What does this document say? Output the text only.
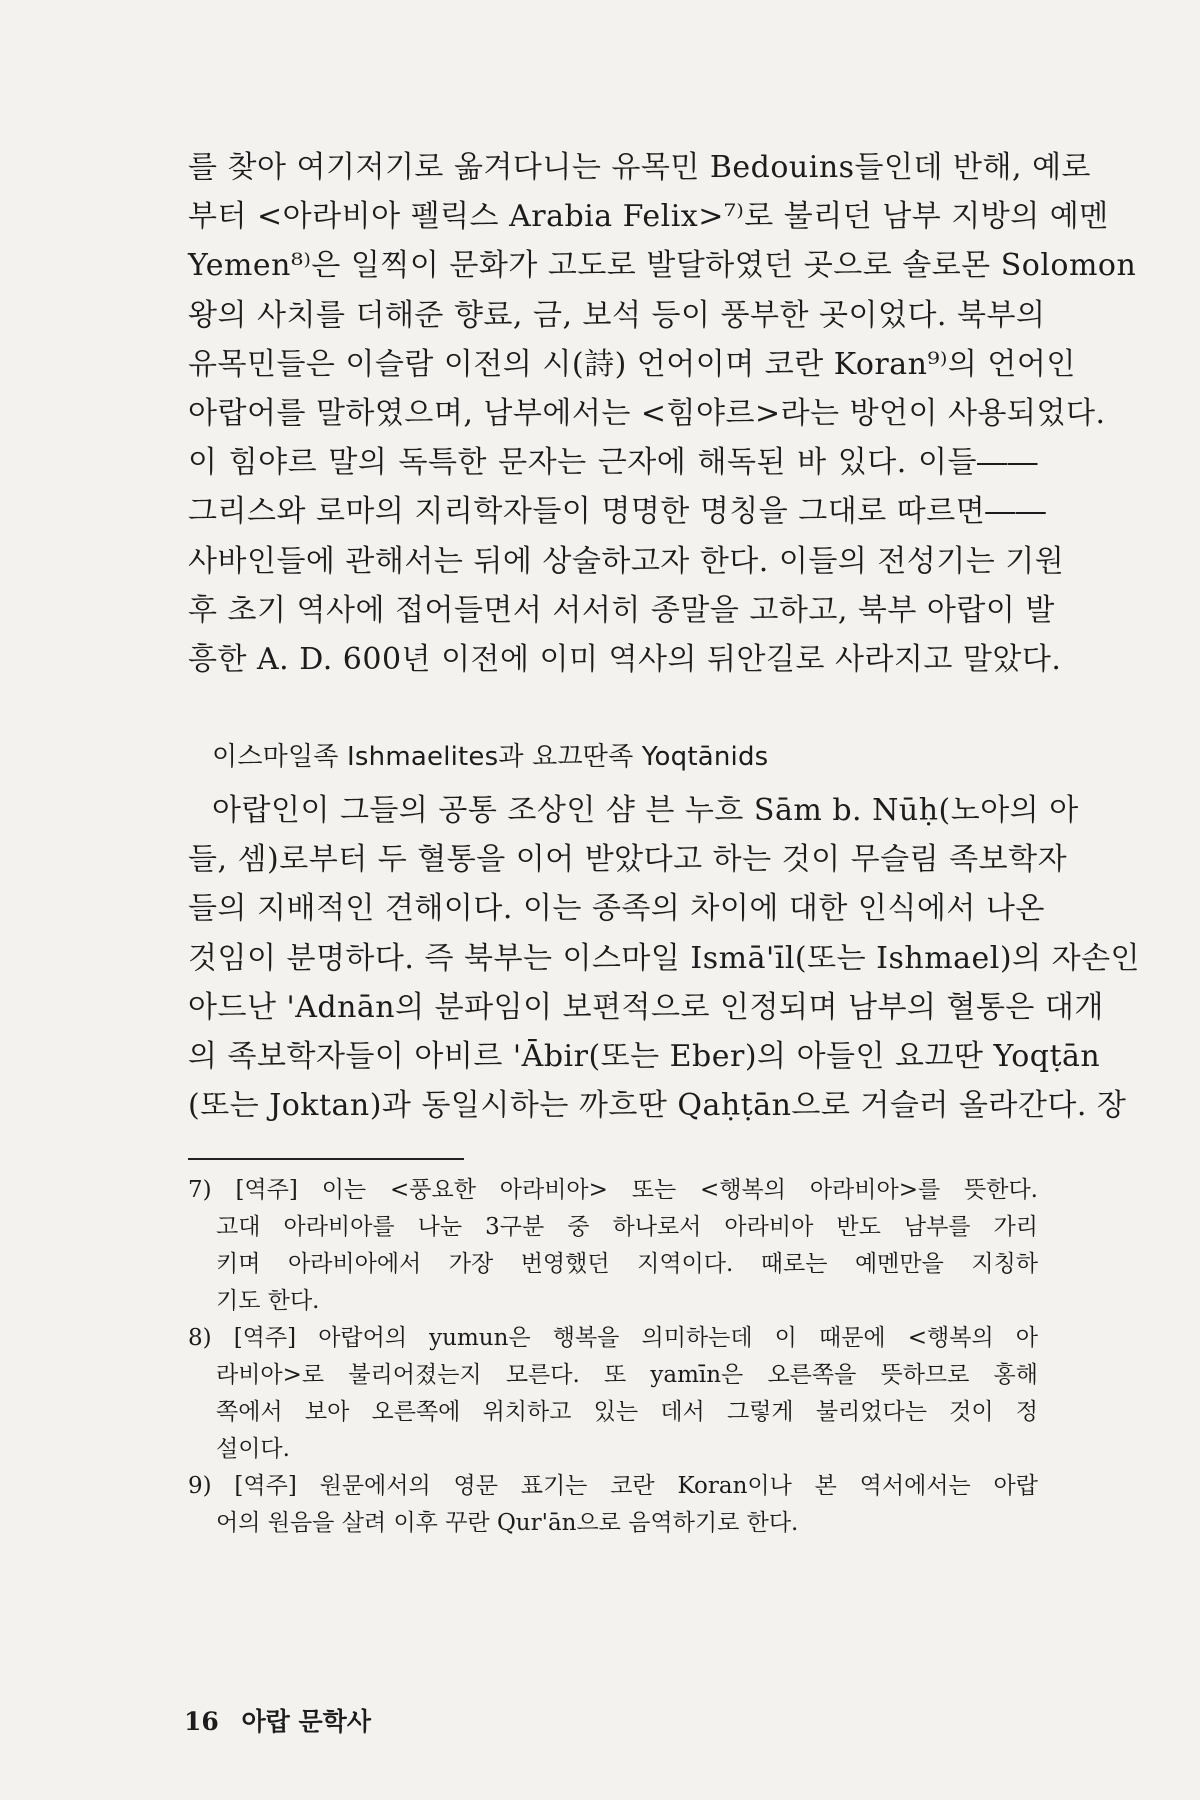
를 찾아 여기저기로 옮겨다니는 유목민 Bedouins들인데 반해, 예로
부터 <아라비아 펠릭스 Arabia Felix>⁷⁾로 불리던 남부 지방의 예멘
Yemen⁸⁾은 일찍이 문화가 고도로 발달하였던 곳으로 솔로몬 Solomon
왕의 사치를 더해준 향료, 금, 보석 등이 풍부한 곳이었다. 북부의
유목민들은 이슬람 이전의 시(詩) 언어이며 코란 Koran⁹⁾의 언어인
아랍어를 말하였으며, 남부에서는 <힘야르>라는 방언이 사용되었다.
이 힘야르 말의 독특한 문자는 근자에 해독된 바 있다. 이들――
그리스와 로마의 지리학자들이 명명한 명칭을 그대로 따르면――
사바인들에 관해서는 뒤에 상술하고자 한다. 이들의 전성기는 기원
후 초기 역사에 접어들면서 서서히 종말을 고하고, 북부 아랍이 발
흥한 A. D. 600년 이전에 이미 역사의 뒤안길로 사라지고 말았다.
이스마일족 Ishmaelites과 요끄딴족 Yoqtānids
아랍인이 그들의 공통 조상인 샴 븐 누흐 Sām b. Nūḥ(노아의 아
들, 셈)로부터 두 혈통을 이어 받았다고 하는 것이 무슬림 족보학자
들의 지배적인 견해이다. 이는 종족의 차이에 대한 인식에서 나온
것임이 분명하다. 즉 북부는 이스마일 Ismā'īl(또는 Ishmael)의 자손인
아드난 'Adnān의 분파임이 보편적으로 인정되며 남부의 혈통은 대개
의 족보학자들이 아비르 'Ābir(또는 Eber)의 아들인 요끄딴 Yoqṭān
(또는 Joktan)과 동일시하는 까흐딴 Qaḥṭān으로 거슬러 올라간다. 장
7) [역주] 이는 <풍요한 아라비아> 또는 <행복의 아라비아>를 뜻한다.
고대 아라비아를 나눈 3구분 중 하나로서 아라비아 반도 남부를 가리
키며 아라비아에서 가장 번영했던 지역이다. 때로는 예멘만을 지칭하
기도 한다.
8) [역주] 아랍어의 yumun은 행복을 의미하는데 이 때문에 <행복의 아
라비아>로 불리어졌는지 모른다. 또 yamīn은 오른쪽을 뜻하므로 홍해
쪽에서 보아 오른쪽에 위치하고 있는 데서 그렇게 불리었다는 것이 정
설이다.
9) [역주] 원문에서의 영문 표기는 코란 Koran이나 본 역서에서는 아랍
어의 원음을 살려 이후 꾸란 Qur'ān으로 음역하기로 한다.
16 아랍 문학사
